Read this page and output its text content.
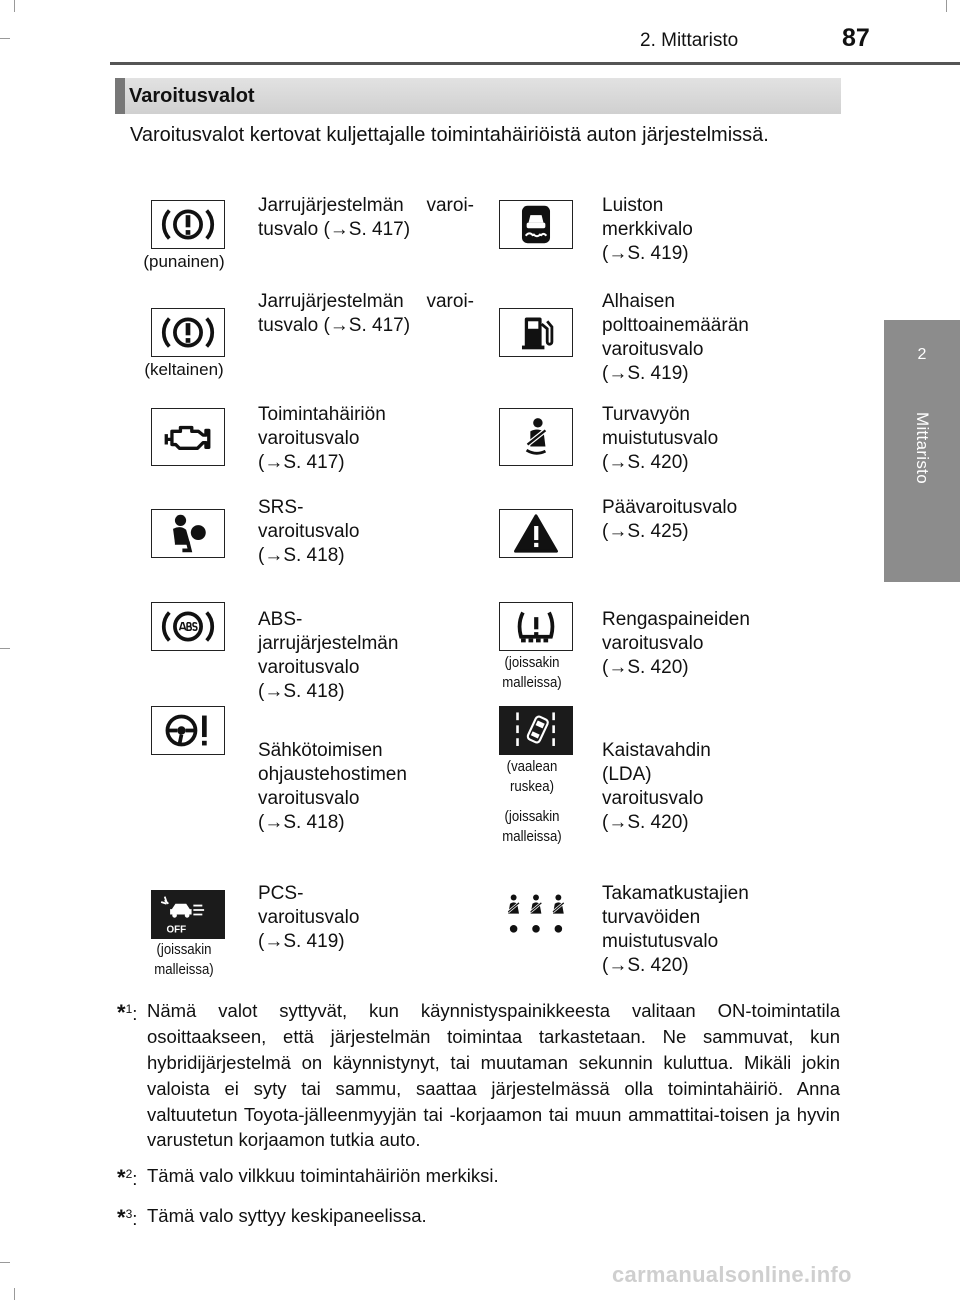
2. Mittaristo	87
2
Mittaristo
Varoitusvalot
Varoitusvalot kertovat kuljettajalle toimintahäiriöistä auton järjestelmissä.
(punainen)
Jarrujärjestelmän varoi-
tusvalo (→S. 417)
Luiston merkkivalo
(→S. 419)
(keltainen)
Jarrujärjestelmän varoi-
tusvalo (→S. 417)
Alhaisen
polttoainemäärän
varoitusvalo (→S. 419)
Toimintahäiriön
varoitusvalo (→S. 417)
Turvavyön
muistutusvalo (→S. 420)
SRS-varoitusvalo
(→S. 418)
Päävaroitusvalo
(→S. 425)
ABS-jarrujärjestelmän
varoitusvalo (→S. 418)
(joissakin
malleissa)
Rengaspaineiden
varoitusvalo (→S. 420)
Sähkötoimisen
ohjaustehostimen
varoitusvalo (→S. 418)
(vaalean
ruskea)
(joissakin
malleissa)
Kaistavahdin (LDA)
varoitusvalo (→S. 420)
OFF
(joissakin
malleissa)
PCS-varoitusvalo
(→S. 419)
Takamatkustajien
turvavöiden
muistutusvalo (→S. 420)
*$^1$: Nämä valot syttyvät, kun käynnistyspainikkeesta valitaan ON-toimintatila osoittaakseen, että järjestelmän toimintaa tarkastetaan. Ne sammuvat, kun hybridijärjestelmä on käynnistynyt, tai muutaman sekunnin kuluttua. Mikäli jokin valoista ei syty tai sammu, saattaa järjestelmässä olla toimintahäiriö. Anna valtuutetun Toyota-jälleenmyyjän tai -korjaamon tai muun ammattitai-toisen ja hyvin varustetun korjaamon tutkia auto.
*$^2$: Tämä valo vilkkuu toimintahäiriön merkiksi.
*$^3$: Tämä valo syttyy keskipaneelissa.
carmanualsonline.info
